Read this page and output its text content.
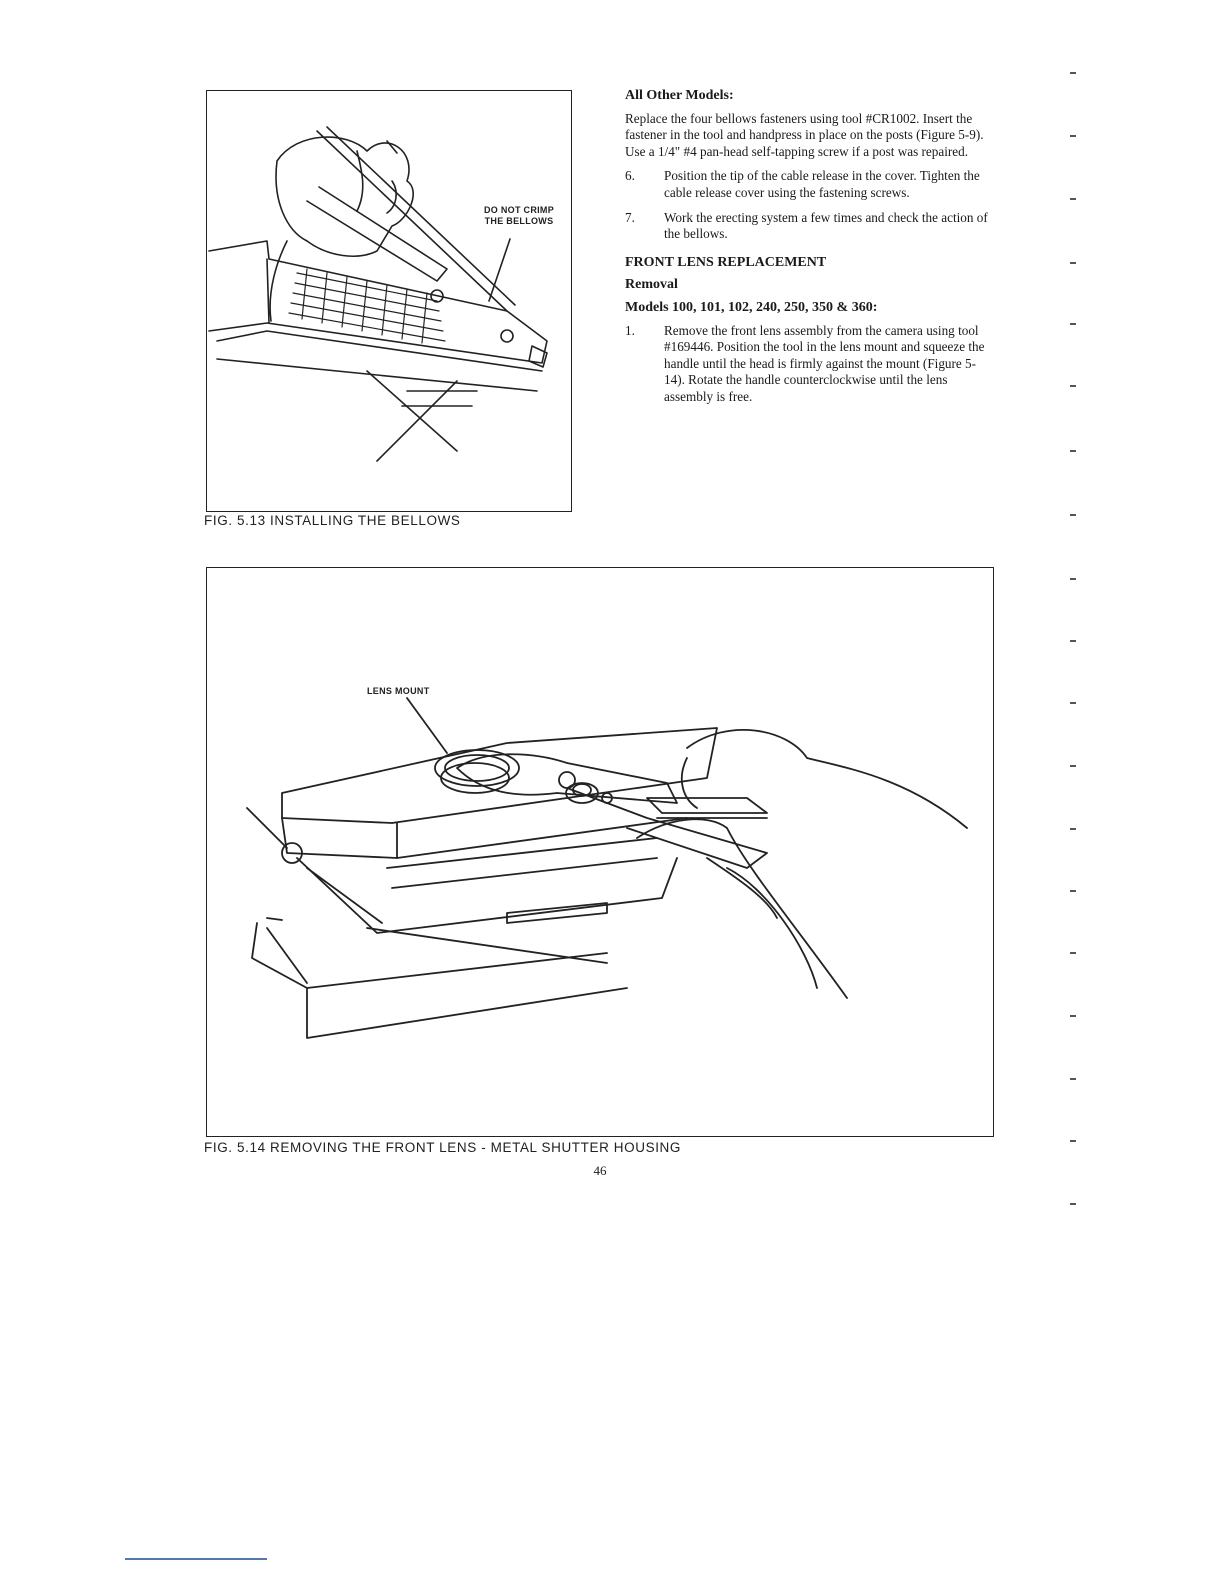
DO NOT CRIMP
THE BELLOWS
FIG. 5.13 INSTALLING THE BELLOWS
All Other Models:

Replace the four bellows fasteners using tool #CR1002. Insert the fastener in the tool and handpress in place on the posts (Figure 5-9). Use a 1/4" #4 pan-head self-tapping screw if a post was repaired.

6.	Position the tip of the cable release in the cover. Tighten the cable release cover using the fastening screws.
7.	Work the erecting system a few times and check the action of the bellows.
FRONT LENS REPLACEMENT
Removal
Models 100, 101, 102, 240, 250, 350 & 360:
1.	Remove the front lens assembly from the camera using tool #169446. Position the tool in the lens mount and squeeze the handle until the head is firmly against the mount (Figure 5-14). Rotate the handle counterclockwise until the lens assembly is free.
LENS MOUNT
FIG. 5.14 REMOVING THE FRONT LENS - METAL SHUTTER HOUSING
46
